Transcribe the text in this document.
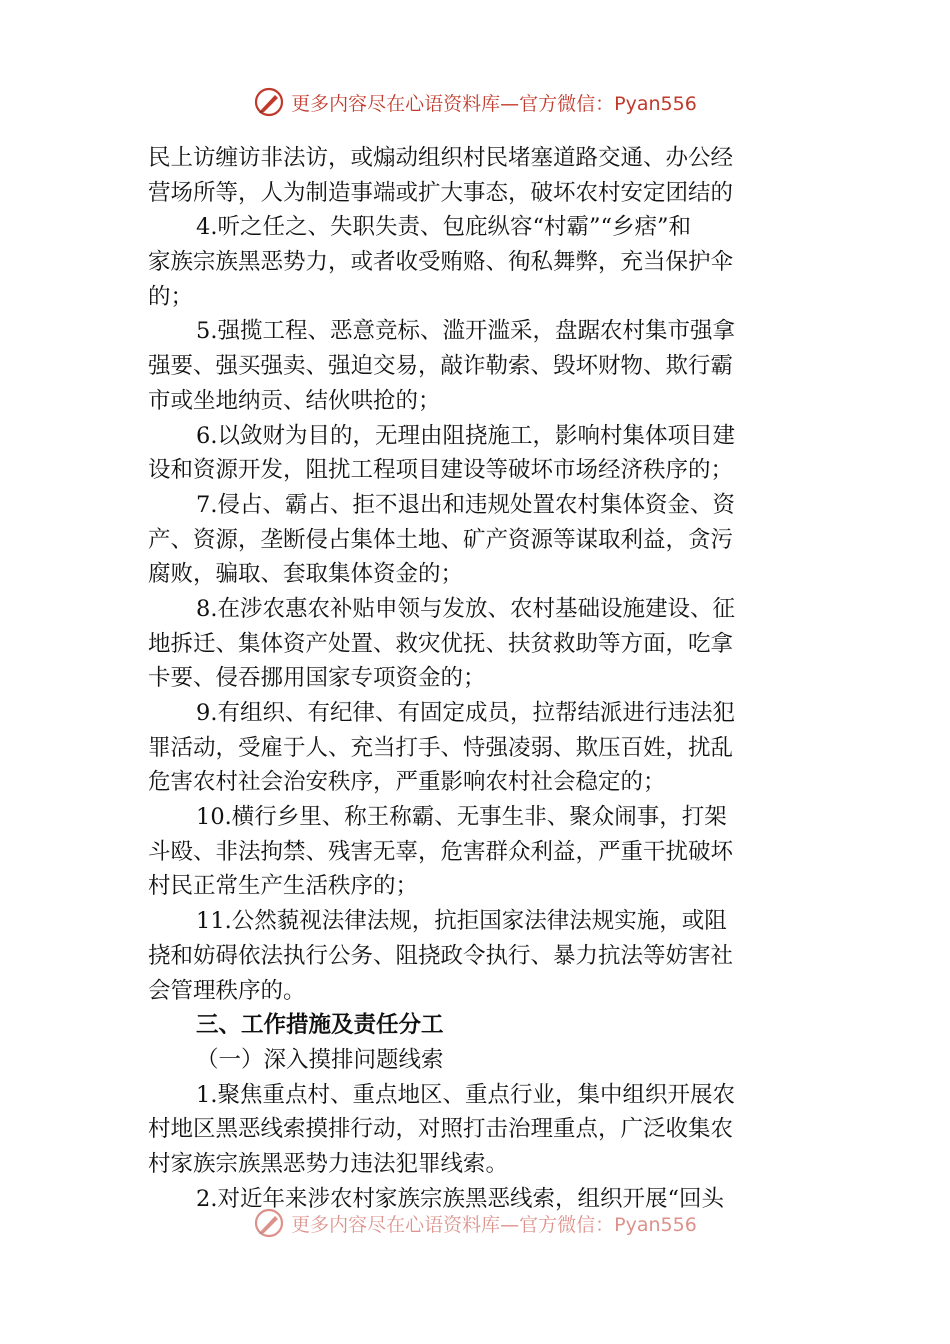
更多内容尽在心语资料库—官方微信：Pyan556
民上访缠访非法访，或煽动组织村民堵塞道路交通、办公经
营场所等，人为制造事端或扩大事态，破坏农村安定团结的
4.听之任之、失职失责、包庇纵容“村霸”“乡痞”和
家族宗族黑恶势力，或者收受贿赂、徇私舞弊，充当保护伞
的；
5.强揽工程、恶意竞标、滥开滥采，盘踞农村集市强拿
强要、强买强卖、强迫交易，敲诈勒索、毁坏财物、欺行霸
市或坐地纳贡、结伙哄抢的；
6.以敛财为目的，无理由阻挠施工，影响村集体项目建
设和资源开发，阻扰工程项目建设等破坏市场经济秩序的；
7.侵占、霸占、拒不退出和违规处置农村集体资金、资
产、资源，垄断侵占集体土地、矿产资源等谋取利益，贪污
腐败，骗取、套取集体资金的；
8.在涉农惠农补贴申领与发放、农村基础设施建设、征
地拆迁、集体资产处置、救灾优抚、扶贫救助等方面，吃拿
卡要、侵吞挪用国家专项资金的；
9.有组织、有纪律、有固定成员，拉帮结派进行违法犯
罪活动，受雇于人、充当打手、恃强凌弱、欺压百姓，扰乱
危害农村社会治安秩序，严重影响农村社会稳定的；
10.横行乡里、称王称霸、无事生非、聚众闹事，打架
斗殴、非法拘禁、残害无辜，危害群众利益，严重干扰破坏
村民正常生产生活秩序的；
11.公然藐视法律法规，抗拒国家法律法规实施，或阻
挠和妨碍依法执行公务、阻挠政令执行、暴力抗法等妨害社
会管理秩序的。
三、工作措施及责任分工
（一）深入摸排问题线索
1.聚焦重点村、重点地区、重点行业，集中组织开展农
村地区黑恶线索摸排行动，对照打击治理重点，广泛收集农
村家族宗族黑恶势力违法犯罪线索。
2.对近年来涉农村家族宗族黑恶线索，组织开展“回头
更多内容尽在心语资料库—官方微信：Pyan556
